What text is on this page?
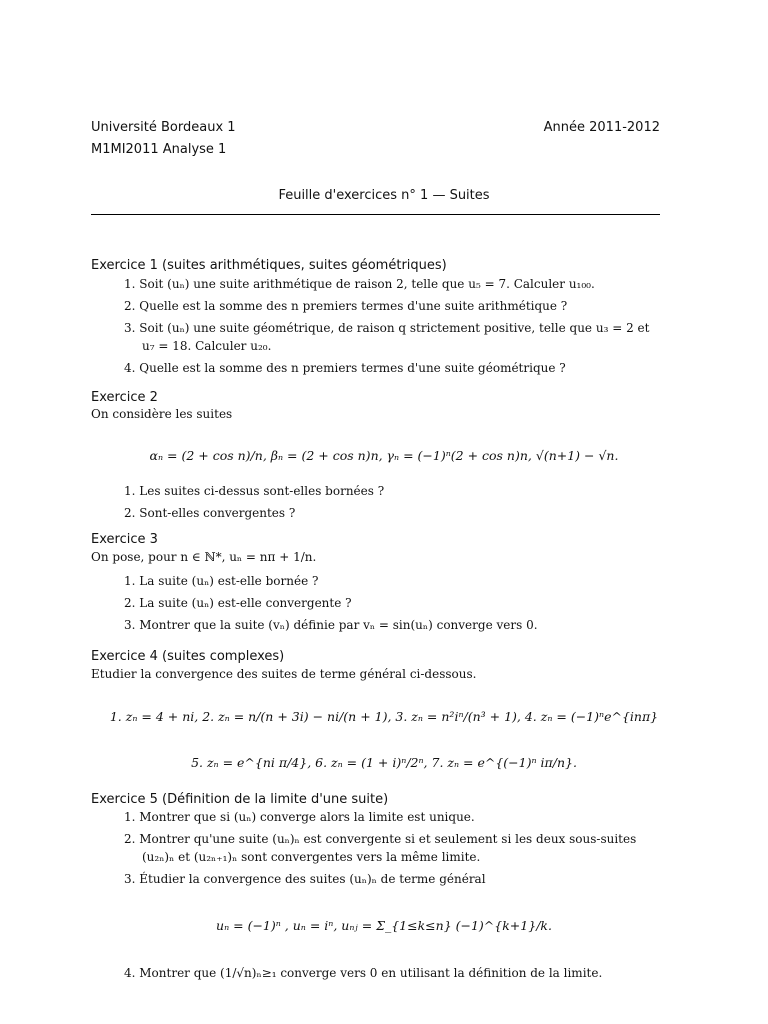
Université Bordeaux 1
M1MI2011 Analyse 1
Année 2011-2012
Feuille d'exercices n° 1 — Suites
Exercice 1 (suites arithmétiques, suites géométriques)
1. Soit (uₙ) une suite arithmétique de raison 2, telle que u₅ = 7. Calculer u₁₀₀.
2. Quelle est la somme des n premiers termes d'une suite arithmétique ?
3. Soit (uₙ) une suite géométrique, de raison q strictement positive, telle que u₃ = 2 et u₇ = 18. Calculer u₂₀.
4. Quelle est la somme des n premiers termes d'une suite géométrique ?
Exercice 2
On considère les suites
αₙ = (2 + cos n)/n, βₙ = (2 + cos n)n, γₙ = (−1)ⁿ(2 + cos n)n, √(n+1) − √n.
1. Les suites ci-dessus sont-elles bornées ?
2. Sont-elles convergentes ?
Exercice 3
On pose, pour n ∈ ℕ*, uₙ = nπ + 1/n.
1. La suite (uₙ) est-elle bornée ?
2. La suite (uₙ) est-elle convergente ?
3. Montrer que la suite (vₙ) définie par vₙ = sin(uₙ) converge vers 0.
Exercice 4 (suites complexes)
Etudier la convergence des suites de terme général ci-dessous.
1. zₙ = 4 + ni, 2. zₙ = n/(n + 3i) − ni/(n + 1), 3. zₙ = n²iⁿ/(n³ + 1), 4. zₙ = (−1)ⁿe^{inπ}
5. zₙ = e^{ni π/4}, 6. zₙ = (1 + i)ⁿ/2ⁿ, 7. zₙ = e^{(−1)ⁿ iπ/n}.
Exercice 5 (Définition de la limite d'une suite)
1. Montrer que si (uₙ) converge alors la limite est unique.
2. Montrer qu'une suite (uₙ)ₙ est convergente si et seulement si les deux sous-suites (u₂ₙ)ₙ et (u₂ₙ₊₁)ₙ sont convergentes vers la même limite.
3. Étudier la convergence des suites (uₙ)ₙ de terme général
uₙ = (−1)ⁿ , uₙ = iⁿ, uₙⱼ = Σ_{1≤k≤n} (−1)^{k+1}/k.
4. Montrer que (1/√n)ₙ≥₁ converge vers 0 en utilisant la définition de la limite.
